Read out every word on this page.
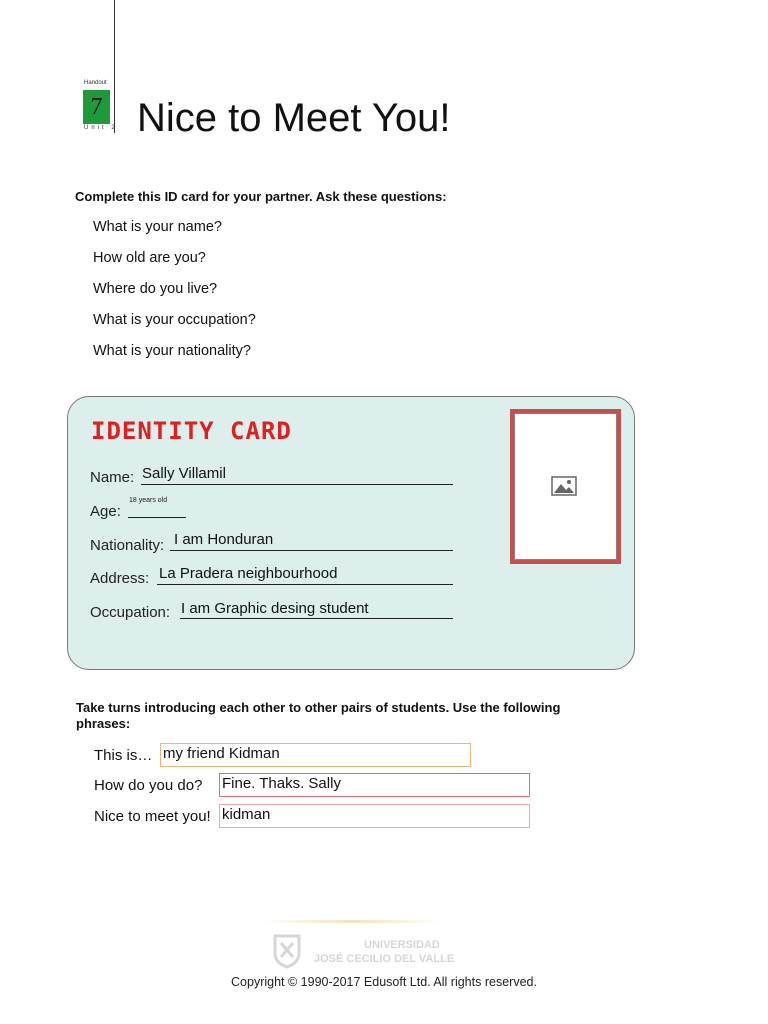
Handout
7
Unit 2 Nice to Meet You!
Complete this ID card for your partner. Ask these questions:
What is your name?
How old are you?
Where do you live?
What is your occupation?
What is your nationality?
IDENTITY CARD
Name: Sally Villamil
Age:
18 years old
Nationality: I am Honduran
Address: La Pradera neighbourhood
Occupation: I am Graphic desing student
Take turns introducing each other to other pairs of students. Use the following phrases:
This is… my friend Kidman
How do you do? Fine. Thaks. Sally
Nice to meet you! kidman
UNIVERSIDAD
JOSÉ CECILIO DEL VALLE
Copyright © 1990-2017 Edusoft Ltd. All rights reserved.
